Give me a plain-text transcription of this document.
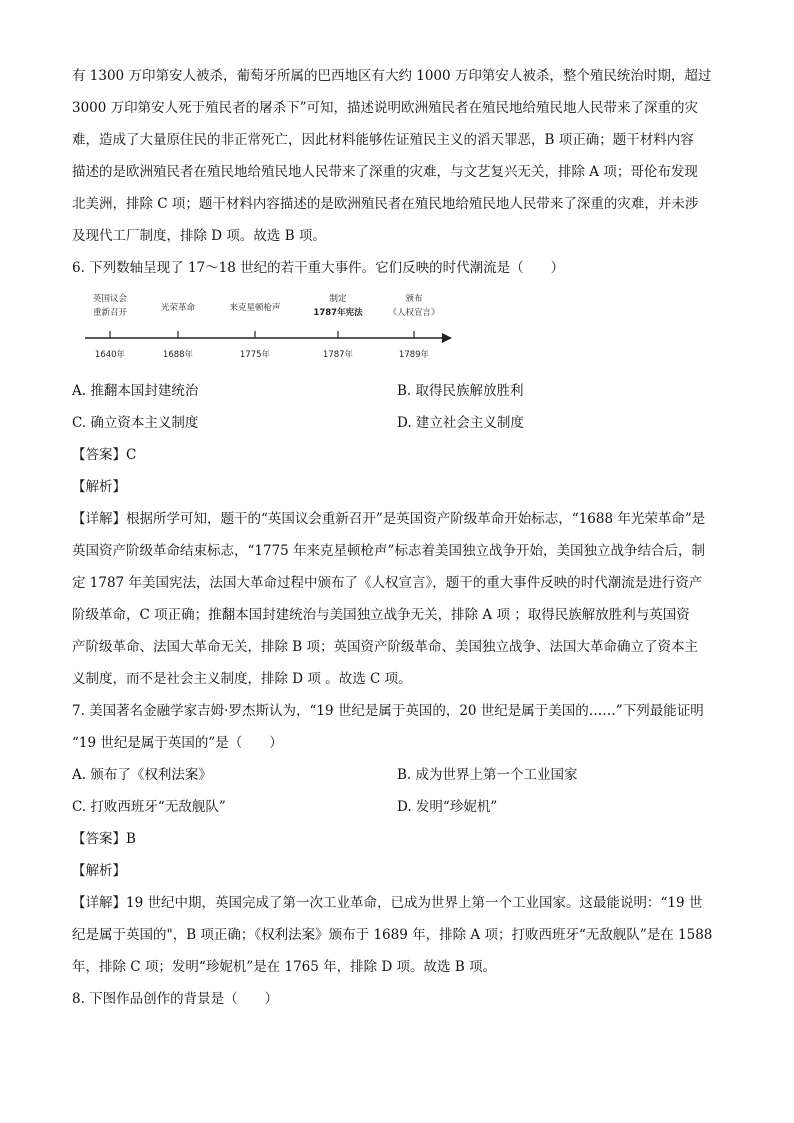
有 1300 万印第安人被杀，葡萄牙所属的巴西地区有大约 1000 万印第安人被杀，整个殖民统治时期，超过

3000 万印第安人死于殖民者的屠杀下”可知，描述说明欧洲殖民者在殖民地给殖民地人民带来了深重的灾

难，造成了大量原住民的非正常死亡，因此材料能够佐证殖民主义的滔天罪恶，B 项正确；题干材料内容

描述的是欧洲殖民者在殖民地给殖民地人民带来了深重的灾难，与文艺复兴无关，排除 A 项；哥伦布发现

北美洲，排除 C 项；题干材料内容描述的是欧洲殖民者在殖民地给殖民地人民带来了深重的灾难，并未涉

及现代工厂制度，排除 D 项。故选 B 项。

6. 下列数轴呈现了 17～18 世纪的若干重大事件。它们反映的时代潮流是（　　）

英国议会
重新召开
1640年
光荣革命
1688年
来克星顿枪声
1775年
制定
1787年宪法
1787年
颁布
《人权宣言》
1789年
A. 推翻本国封建统治	B. 取得民族解放胜利
C. 确立资本主义制度	D. 建立社会主义制度

【答案】C

【解析】

【详解】根据所学可知，题干的“英国议会重新召开”是英国资产阶级革命开始标志，“1688 年光荣革命”是

英国资产阶级革命结束标志，“1775 年来克星顿枪声”标志着美国独立战争开始，美国独立战争结合后，制

定 1787 年美国宪法，法国大革命过程中颁布了《人权宣言》，题干的重大事件反映的时代潮流是进行资产

阶级革命，C 项正确；推翻本国封建统治与美国独立战争无关，排除 A 项 ；取得民族解放胜利与英国资

产阶级革命、法国大革命无关，排除 B 项；英国资产阶级革命、美国独立战争、法国大革命确立了资本主

义制度，而不是社会主义制度，排除 D 项 。故选 C 项。

7. 美国著名金融学家吉姆·罗杰斯认为，“19 世纪是属于英国的，20 世纪是属于美国的……”下列最能证明

“19 世纪是属于英国的”是（　　）

A. 颁布了《权利法案》	B. 成为世界上第一个工业国家
C. 打败西班牙“无敌舰队”	D. 发明“珍妮机”

【答案】B

【解析】

【详解】19 世纪中期，英国完成了第一次工业革命，已成为世界上第一个工业国家。这最能说明：“19 世

纪是属于英国的"，B 项正确；《权利法案》颁布于 1689 年，排除 A 项；打败西班牙“无敌舰队”是在 1588

年，排除 C 项；发明“珍妮机”是在 1765 年，排除 D 项。故选 B 项。

8. 下图作品创作的背景是（　　）
